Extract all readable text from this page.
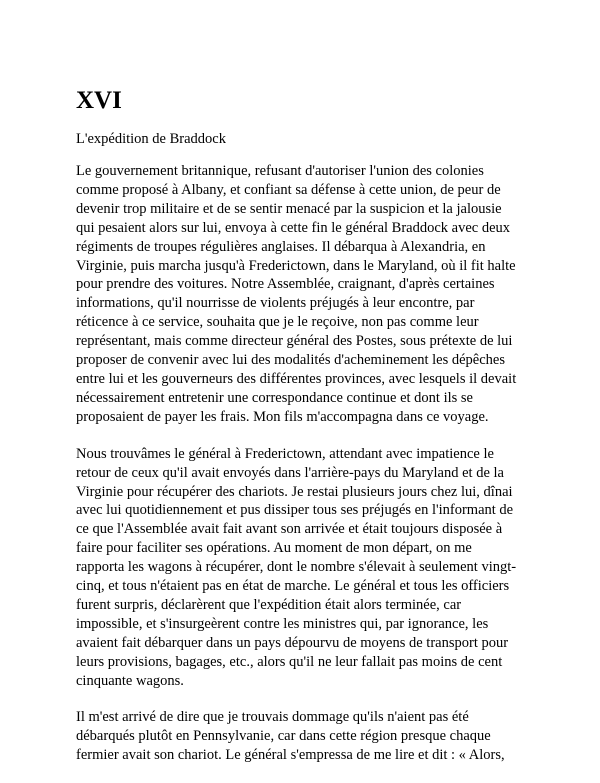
XVI
L'expédition de Braddock
Le gouvernement britannique, refusant d'autoriser l'union des colonies
comme proposé à Albany, et confiant sa défense à cette union, de peur de
devenir trop militaire et de se sentir menacé par la suspicion et la jalousie
qui pesaient alors sur lui, envoya à cette fin le général Braddock avec deux
régiments de troupes régulières anglaises. Il débarqua à Alexandria, en
Virginie, puis marcha jusqu'à Frederictown, dans le Maryland, où il fit halte
pour prendre des voitures. Notre Assemblée, craignant, d'après certaines
informations, qu'il nourrisse de violents préjugés à leur encontre, par
réticence à ce service, souhaita que je le reçoive, non pas comme leur
représentant, mais comme directeur général des Postes, sous prétexte de lui
proposer de convenir avec lui des modalités d'acheminement les dépêches
entre lui et les gouverneurs des différentes provinces, avec lesquels il devait
nécessairement entretenir une correspondance continue et dont ils se
proposaient de payer les frais. Mon fils m'accompagna dans ce voyage.
Nous trouvâmes le général à Frederictown, attendant avec impatience le
retour de ceux qu'il avait envoyés dans l'arrière-pays du Maryland et de la
Virginie pour récupérer des chariots. Je restai plusieurs jours chez lui, dînai
avec lui quotidiennement et pus dissiper tous ses préjugés en l'informant de
ce que l'Assemblée avait fait avant son arrivée et était toujours disposée à
faire pour faciliter ses opérations. Au moment de mon départ, on me
rapporta les wagons à récupérer, dont le nombre s'élevait à seulement vingt-
cinq, et tous n'étaient pas en état de marche. Le général et tous les officiers
furent surpris, déclarèrent que l'expédition était alors terminée, car
impossible, et s'insurgeèrent contre les ministres qui, par ignorance, les
avaient fait débarquer dans un pays dépourvu de moyens de transport pour
leurs provisions, bagages, etc., alors qu'il ne leur fallait pas moins de cent
cinquante wagons.
Il m'est arrivé de dire que je trouvais dommage qu'ils n'aient pas été
débarqués plutôt en Pennsylvanie, car dans cette région presque chaque
fermier avait son chariot. Le général s'empressa de me lire et dit : « Alors,
